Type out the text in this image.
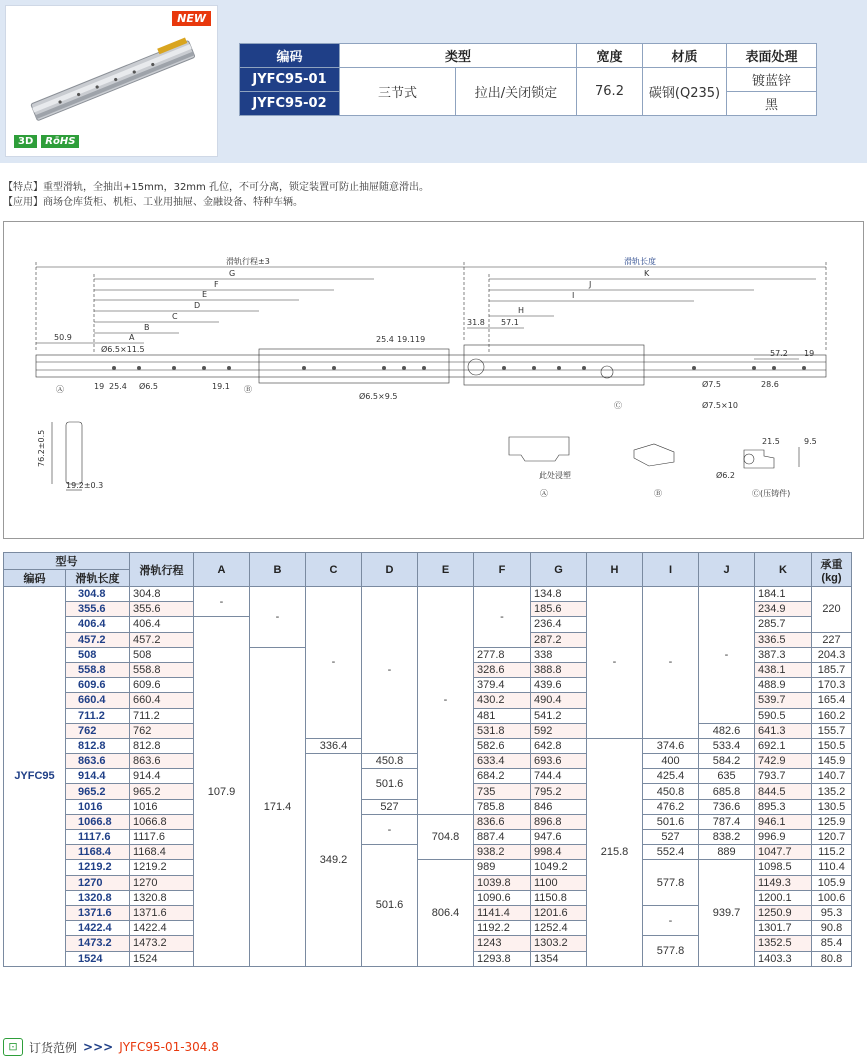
NEW
3D	RōHS
编码	类型		宽度	材质	表面处理
JYFC95-01	三节式	拉出/关闭锁定	76.2	碳钢(Q235)	镀蓝锌
JYFC95-02					黑
【特点】重型滑轨，全抽出+15mm，32mm 孔位，不可分离，锁定装置可防止抽屉随意滑出。
【应用】商场仓库货柜、机柜、工业用抽屉、金融设备、特种车辆。
滑轨行程±3	滑轨长度
G
F
E
D
C
B
A
K
J
I
H
50.9
Ø6.5×11.5
19 25.4 Ø6.5	19.1
25.4 19.1 19
Ø6.5×9.5
31.8 57.1
Ø7.5
Ø7.5×10
57.2 19
28.6
Ⓐ	Ⓑ
Ⓒ
76.2±0.5
19.2±0.3
此处浸塑
Ⓐ	Ⓑ	Ⓒ(压铸件)
21.5	9.5
Ø6.2
型号		滑轨行程	A	B	C	D	E	F	G	H	I	J	K	承重
(kg)
编码	滑轨长度													
JYFC95	304.8	304.8	-	-	-	-	-	-	134.8	-	-	-	184.1	220
	355.6	355.6							185.6				234.9	
	406.4	406.4	107.9						236.4				285.7	
	457.2	457.2							287.2				336.5	227
	508	508		171.4				277.8	338				387.3	204.3
	558.8	558.8						328.6	388.8				438.1	185.7
	609.6	609.6						379.4	439.6				488.9	170.3
	660.4	660.4						430.2	490.4				539.7	165.4
	711.2	711.2						481	541.2				590.5	160.2
	762	762						531.8	592			482.6	641.3	155.7
	812.8	812.8			336.4			582.6	642.8	215.8	374.6	533.4	692.1	150.5
	863.6	863.6			349.2	450.8		633.4	693.6		400	584.2	742.9	145.9
	914.4	914.4				501.6		684.2	744.4		425.4	635	793.7	140.7
	965.2	965.2						735	795.2		450.8	685.8	844.5	135.2
	1016	1016				527		785.8	846		476.2	736.6	895.3	130.5
	1066.8	1066.8				-	704.8	836.6	896.8		501.6	787.4	946.1	125.9
	1117.6	1117.6						887.4	947.6		527	838.2	996.9	120.7
	1168.4	1168.4				501.6		938.2	998.4		552.4	889	1047.7	115.2
	1219.2	1219.2					806.4	989	1049.2		577.8	939.7	1098.5	110.4
	1270	1270						1039.8	1100				1149.3	105.9
	1320.8	1320.8						1090.6	1150.8				1200.1	100.6
	1371.6	1371.6						1141.4	1201.6		-		1250.9	95.3
	1422.4	1422.4						1192.2	1252.4				1301.7	90.8
	1473.2	1473.2						1243	1303.2		577.8		1352.5	85.4
	1524	1524						1293.8	1354				1403.3	80.8
⊡ 订货范例 >>> JYFC95-01-304.8
